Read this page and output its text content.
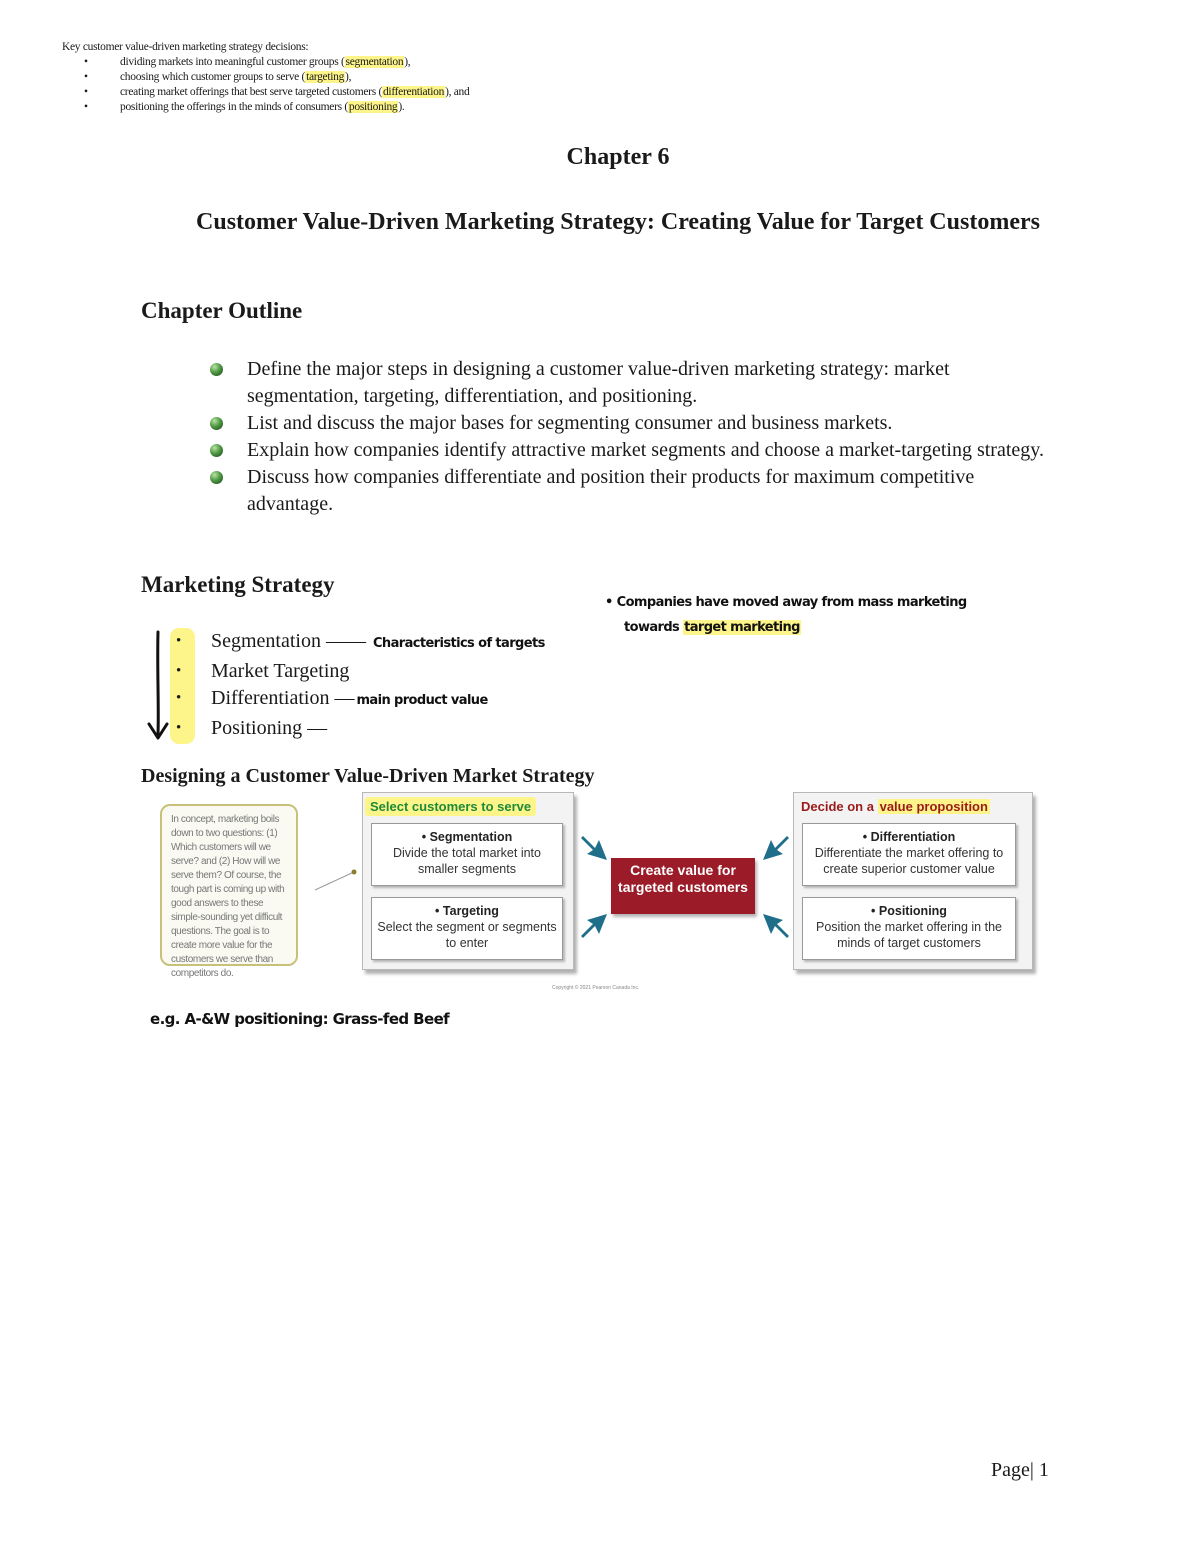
Key customer value-driven marketing strategy decisions:
• dividing markets into meaningful customer groups (segmentation),
• choosing which customer groups to serve (targeting),
• creating market offerings that best serve targeted customers (differentiation), and
• positioning the offerings in the minds of consumers (positioning).
Chapter 6
Customer Value-Driven Marketing Strategy: Creating Value for Target Customers
Chapter Outline
Define the major steps in designing a customer value-driven marketing strategy: market segmentation, targeting, differentiation, and positioning.
List and discuss the major bases for segmenting consumer and business markets.
Explain how companies identify attractive market segments and choose a market-targeting strategy.
Discuss how companies differentiate and position their products for maximum competitive advantage.
Marketing Strategy
• Segmentation —— Characteristics of targets
• Market Targeting
• Differentiation — main product value
• Positioning —
• Companies have moved away from mass marketing
towards target marketing
Designing a Customer Value-Driven Market Strategy
In concept, marketing boils down to two questions: (1) Which customers will we serve? and (2) How will we serve them? Of course, the tough part is coming up with good answers to these simple-sounding yet difficult questions. The goal is to create more value for the customers we serve than competitors do.
Select customers to serve
• Segmentation
Divide the total market into smaller segments
• Targeting
Select the segment or segments to enter
Create value for targeted customers
Decide on a value proposition
• Differentiation
Differentiate the market offering to create superior customer value
• Positioning
Position the market offering in the minds of target customers
Copyright © 2021 Pearson Canada Inc.
e.g. A-&W positioning: Grass-fed Beef
Page| 1
